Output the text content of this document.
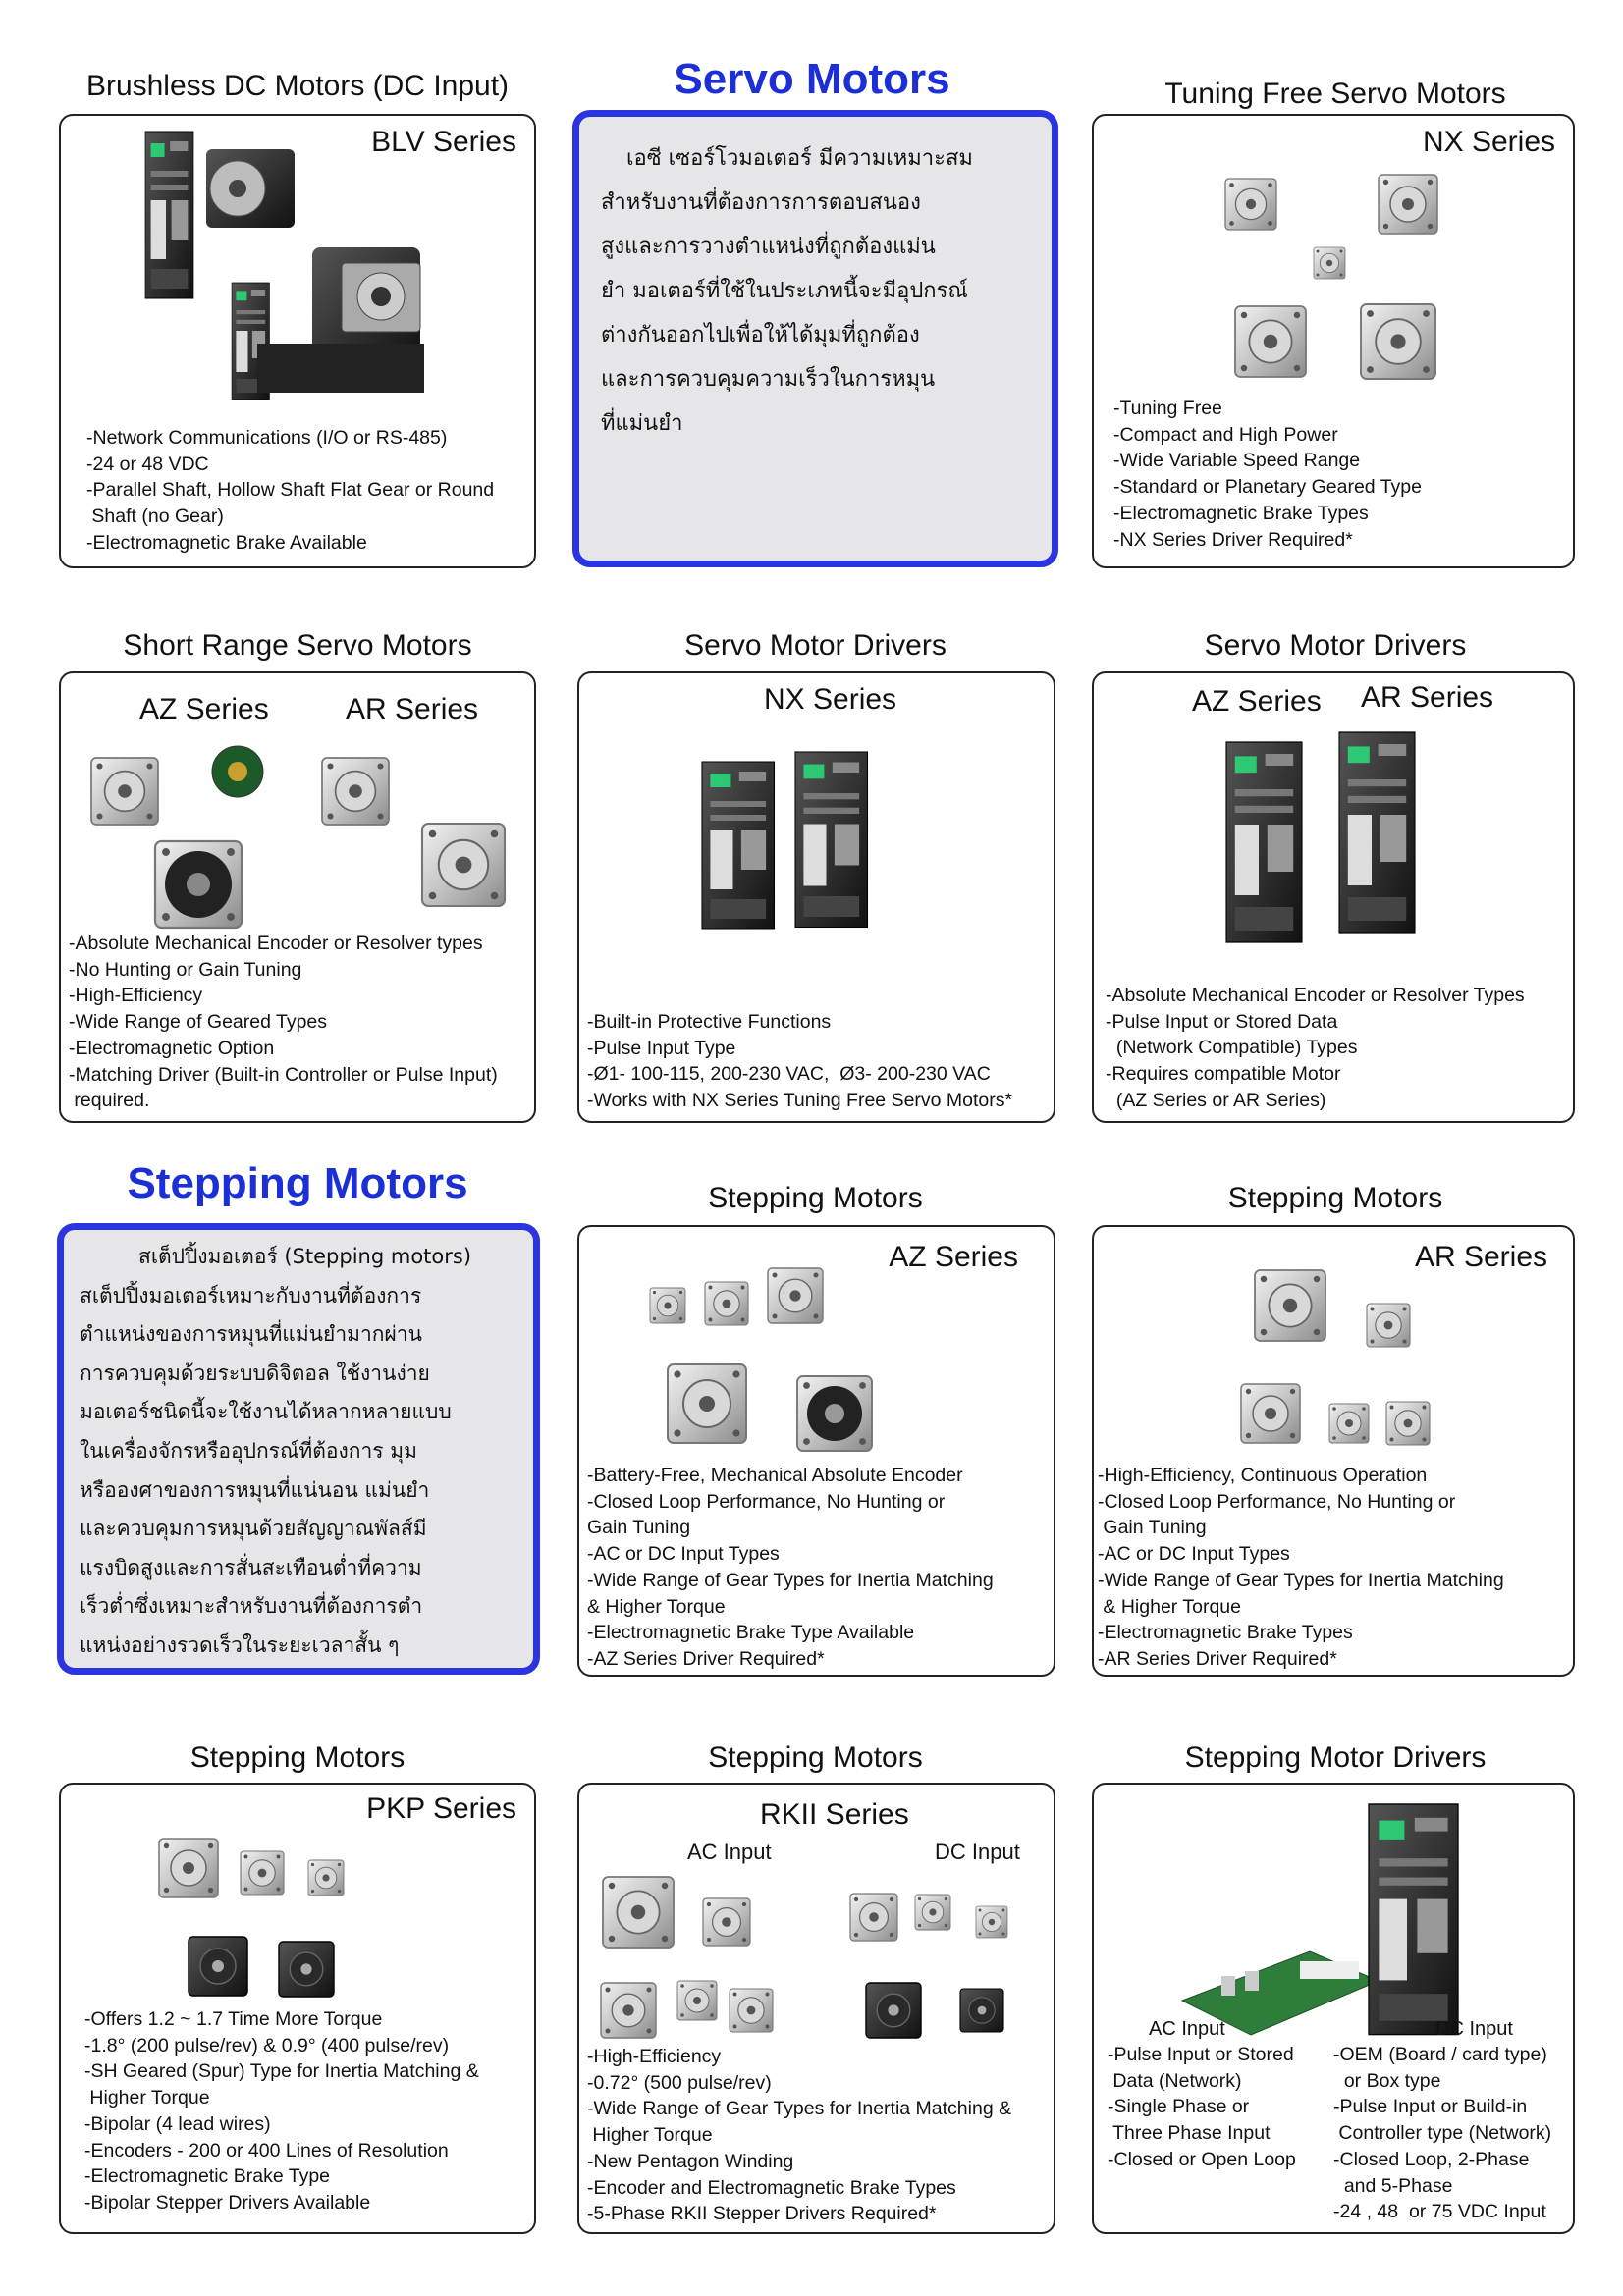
Brushless DC Motors (DC Input)	Servo Motors	Tuning Free Servo Motors
BLV Series
-Network Communications (I/O or RS-485)
-24 or 48 VDC
-Parallel Shaft, Hollow Shaft Flat Gear or Round
Shaft (no Gear)
-Electromagnetic Brake Available
เอซี เซอร์โวมอเตอร์ มีความเหมาะสม
สำหรับงานที่ต้องการการตอบสนอง
สูงและการวางตำแหน่งที่ถูกต้องแม่น
ยำ มอเตอร์ที่ใช้ในประเภทนี้จะมีอุปกรณ์
ต่างกันออกไปเพื่อให้ได้มุมที่ถูกต้อง
และการควบคุมความเร็วในการหมุน
ที่แม่นยำ
NX Series
-Tuning Free
-Compact and High Power
-Wide Variable Speed Range
-Standard or Planetary Geared Type
-Electromagnetic Brake Types
-NX Series Driver Required*
Short Range Servo Motors	Servo Motor Drivers	Servo Motor Drivers
AZ Series	AR Series
-Absolute Mechanical Encoder or Resolver types
-No Hunting or Gain Tuning
-High-Efficiency
-Wide Range of Geared Types
-Electromagnetic Option
-Matching Driver (Built-in Controller or Pulse Input)
required.
NX Series
-Built-in Protective Functions
-Pulse Input Type
-Ø1- 100-115, 200-230 VAC,  Ø3- 200-230 VAC
-Works with NX Series Tuning Free Servo Motors*
AZ Series AR Series
-Absolute Mechanical Encoder or Resolver Types
-Pulse Input or Stored Data
(Network Compatible) Types
-Requires compatible Motor
(AZ Series or AR Series)
Stepping Motors	Stepping Motors	Stepping Motors
สเต็ปปิ้งมอเตอร์ (Stepping motors)
สเต็ปปิ้งมอเตอร์เหมาะกับงานที่ต้องการ
ตำแหน่งของการหมุนที่แม่นยำมากผ่าน
การควบคุมด้วยระบบดิจิตอล ใช้งานง่าย
มอเตอร์ชนิดนี้จะใช้งานได้หลากหลายแบบ
ในเครื่องจักรหรืออุปกรณ์ที่ต้องการ มุม
หรือองศาของการหมุนที่แน่นอน แม่นยำ
และควบคุมการหมุนด้วยสัญญาณพัลส์มี
แรงบิดสูงและการสั่นสะเทือนต่ำที่ความ
เร็วต่ำซึ่งเหมาะสำหรับงานที่ต้องการตำ
แหน่งอย่างรวดเร็วในระยะเวลาสั้น ๆ
AZ Series
-Battery-Free, Mechanical Absolute Encoder
-Closed Loop Performance, No Hunting or
Gain Tuning
-AC or DC Input Types
-Wide Range of Gear Types for Inertia Matching
& Higher Torque
-Electromagnetic Brake Type Available
-AZ Series Driver Required*
AR Series
-High-Efficiency, Continuous Operation
-Closed Loop Performance, No Hunting or
Gain Tuning
-AC or DC Input Types
-Wide Range of Gear Types for Inertia Matching
& Higher Torque
-Electromagnetic Brake Types
-AR Series Driver Required*
Stepping Motors	Stepping Motors	Stepping Motor Drivers
PKP Series
-Offers 1.2 ~ 1.7 Time More Torque
-1.8° (200 pulse/rev) & 0.9° (400 pulse/rev)
-SH Geared (Spur) Type for Inertia Matching &
Higher Torque
-Bipolar (4 lead wires)
-Encoders - 200 or 400 Lines of Resolution
-Electromagnetic Brake Type
-Bipolar Stepper Drivers Available
RKII Series
AC Input	DC Input
-High-Efficiency
-0.72° (500 pulse/rev)
-Wide Range of Gear Types for Inertia Matching &
Higher Torque
-New Pentagon Winding
-Encoder and Electromagnetic Brake Types
-5-Phase RKII Stepper Drivers Required*
AC Input	DC Input
-Pulse Input or Stored
Data (Network)
-Single Phase or
Three Phase Input
-Closed or Open Loop
-OEM (Board / card type)
or Box type
-Pulse Input or Build-in
Controller type (Network)
-Closed Loop, 2-Phase
and 5-Phase
-24 , 48  or 75 VDC Input
